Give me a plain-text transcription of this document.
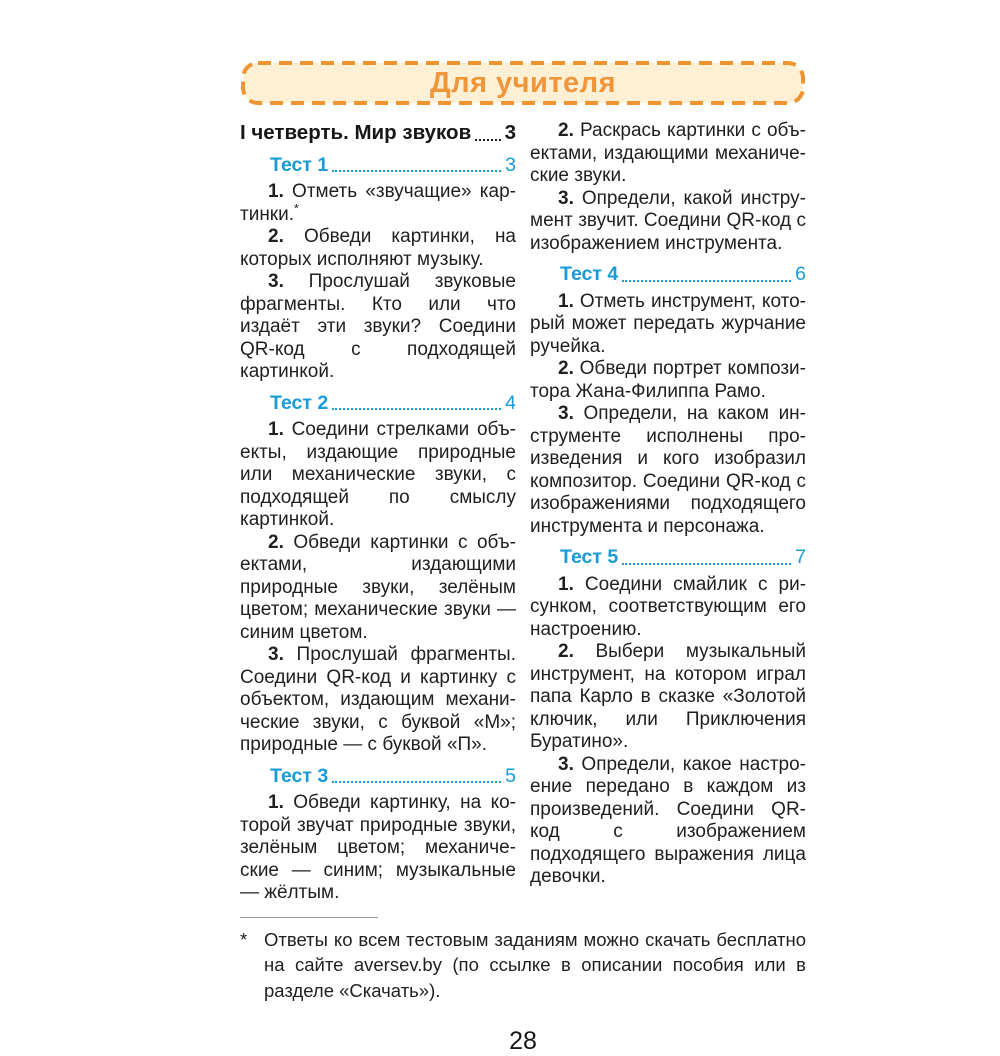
Для учителя
I четверть. Мир звуков 3
Тест 1	3

1. Отметь «звучащие» картинки.*

2. Обведи картинки, на которых исполняют музыку.

3. Прослушай звуковые фрагменты. Кто или что издаёт эти звуки? Соедини QR-код с подходящей картинкой.

Тест 2	4

1. Соедини стрелками объекты, издающие природные или механические звуки, с подходящей по смыслу картинкой.

2. Обведи картинки с объектами, издающими природные звуки, зелёным цветом; механические звуки — синим цветом.

3. Прослушай фрагменты. Соедини QR-код и картинку с объектом, издающим механические звуки, с буквой «М»; природные — с буквой «П».

Тест 3	5

1. Обведи картинку, на которой звучат природные звуки, зелёным цветом; механические — синим; музыкальные — жёлтым.

2. Раскрась картинки с объектами, издающими механические звуки.

3. Определи, какой инструмент звучит. Соедини QR-код с изображением инструмента.

Тест 4	6

1. Отметь инструмент, который может передать журчание ручейка.

2. Обведи портрет композитора Жана-Филиппа Рамо.

3. Определи, на каком инструменте исполнены произведения и кого изобразил композитор. Соедини QR-код с изображениями подходящего инструмента и персонажа.

Тест 5	7

1. Соедини смайлик с рисунком, соответствующим его настроению.

2. Выбери музыкальный инструмент, на котором играл папа Карло в сказке «Золотой ключик, или Приключения Буратино».

3. Определи, какое настроение передано в каждом из произведений. Соедини QR-код с изображением подходящего выражения лица девочки.

* Ответы ко всем тестовым заданиям можно скачать бесплатно на сайте aversev.by (по ссылке в описании пособия или в разделе «Скачать»).
28
